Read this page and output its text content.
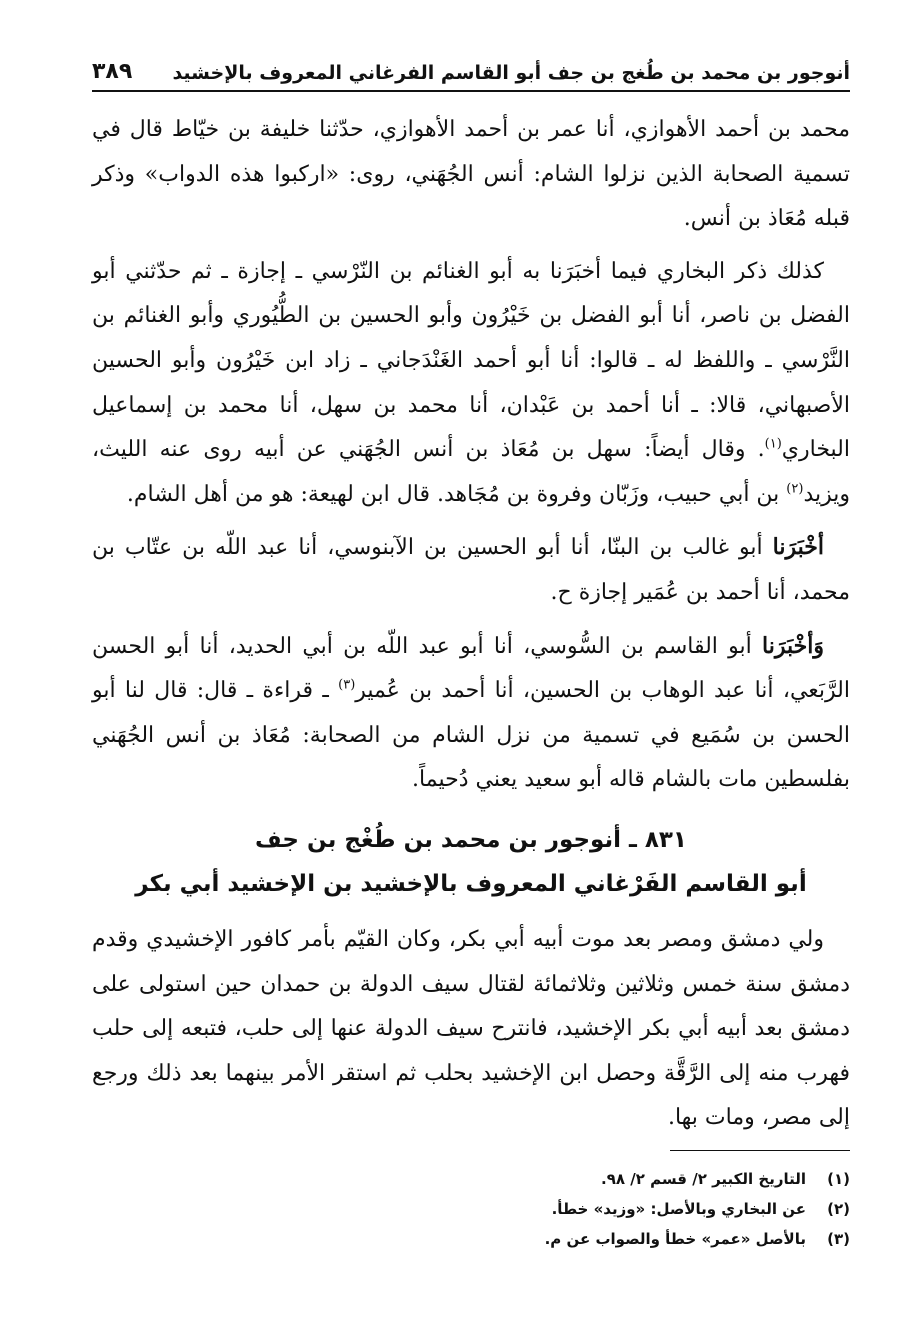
أنوجور بن محمد بن طُغج بن جف أبو القاسم الفرغاني المعروف بالإخشيد
٣٨٩

محمد بن أحمد الأهوازي، أنا عمر بن أحمد الأهوازي، حدّثنا خليفة بن خيّاط قال في تسمية الصحابة الذين نزلوا الشام: أنس الجُهَني، روى: «اركبوا هذه الدواب» وذكر قبله مُعَاذ بن أنس.

كذلك ذكر البخاري فيما أخبَرَنا به أبو الغنائم بن النّرْسي ـ إجازة ـ ثم حدّثني أبو الفضل بن ناصر، أنا أبو الفضل بن خَيْرُون وأبو الحسين بن الطُّيُوري وأبو الغنائم بن النَّرْسي ـ واللفظ له ـ قالوا: أنا أبو أحمد الغَنْدَجاني ـ زاد ابن خَيْرُون وأبو الحسين الأصبهاني، قالا: ـ أنا أحمد بن عَبْدان، أنا محمد بن سهل، أنا محمد بن إسماعيل البخاري$^{(١)}$. وقال أيضاً: سهل بن مُعَاذ بن أنس الجُهَني عن أبيه روى عنه الليث، ويزيد$^{(٢)}$ بن أبي حبيب، وزَبّان وفروة بن مُجَاهد. قال ابن لهيعة: هو من أهل الشام.

أخْبَرَنا أبو غالب بن البنّا، أنا أبو الحسين بن الآبنوسي، أنا عبد اللّه بن عتّاب بن محمد، أنا أحمد بن عُمَير إجازة ح.

وَأخْبَرَنا أبو القاسم بن السُّوسي، أنا أبو عبد اللّه بن أبي الحديد، أنا أبو الحسن الرَّبَعي، أنا عبد الوهاب بن الحسين، أنا أحمد بن عُمير$^{(٣)}$ ـ قراءة ـ قال: قال لنا أبو الحسن بن سُمَيع في تسمية من نزل الشام من الصحابة: مُعَاذ بن أنس الجُهَني بفلسطين مات بالشام قاله أبو سعيد يعني دُحيماً.

٨٣١ ـ أنوجور بن محمد بن طُغْج بن جف
أبو القاسم الفَرْغاني المعروف بالإخشيد بن الإخشيد أبي بكر

ولي دمشق ومصر بعد موت أبيه أبي بكر، وكان القيّم بأمر كافور الإخشيدي وقدم دمشق سنة خمس وثلاثين وثلاثمائة لقتال سيف الدولة بن حمدان حين استولى على دمشق بعد أبيه أبي بكر الإخشيد، فانترح سيف الدولة عنها إلى حلب، فتبعه إلى حلب فهرب منه إلى الرَّقَّة وحصل ابن الإخشيد بحلب ثم استقر الأمر بينهما بعد ذلك ورجع إلى مصر، ومات بها.

(١)
التاريخ الكبير ٢/ قسم ٢/ ٩٨.
(٢)
عن البخاري وبالأصل: «وزيد» خطأ.
(٣)
بالأصل «عمر» خطأ والصواب عن م.
